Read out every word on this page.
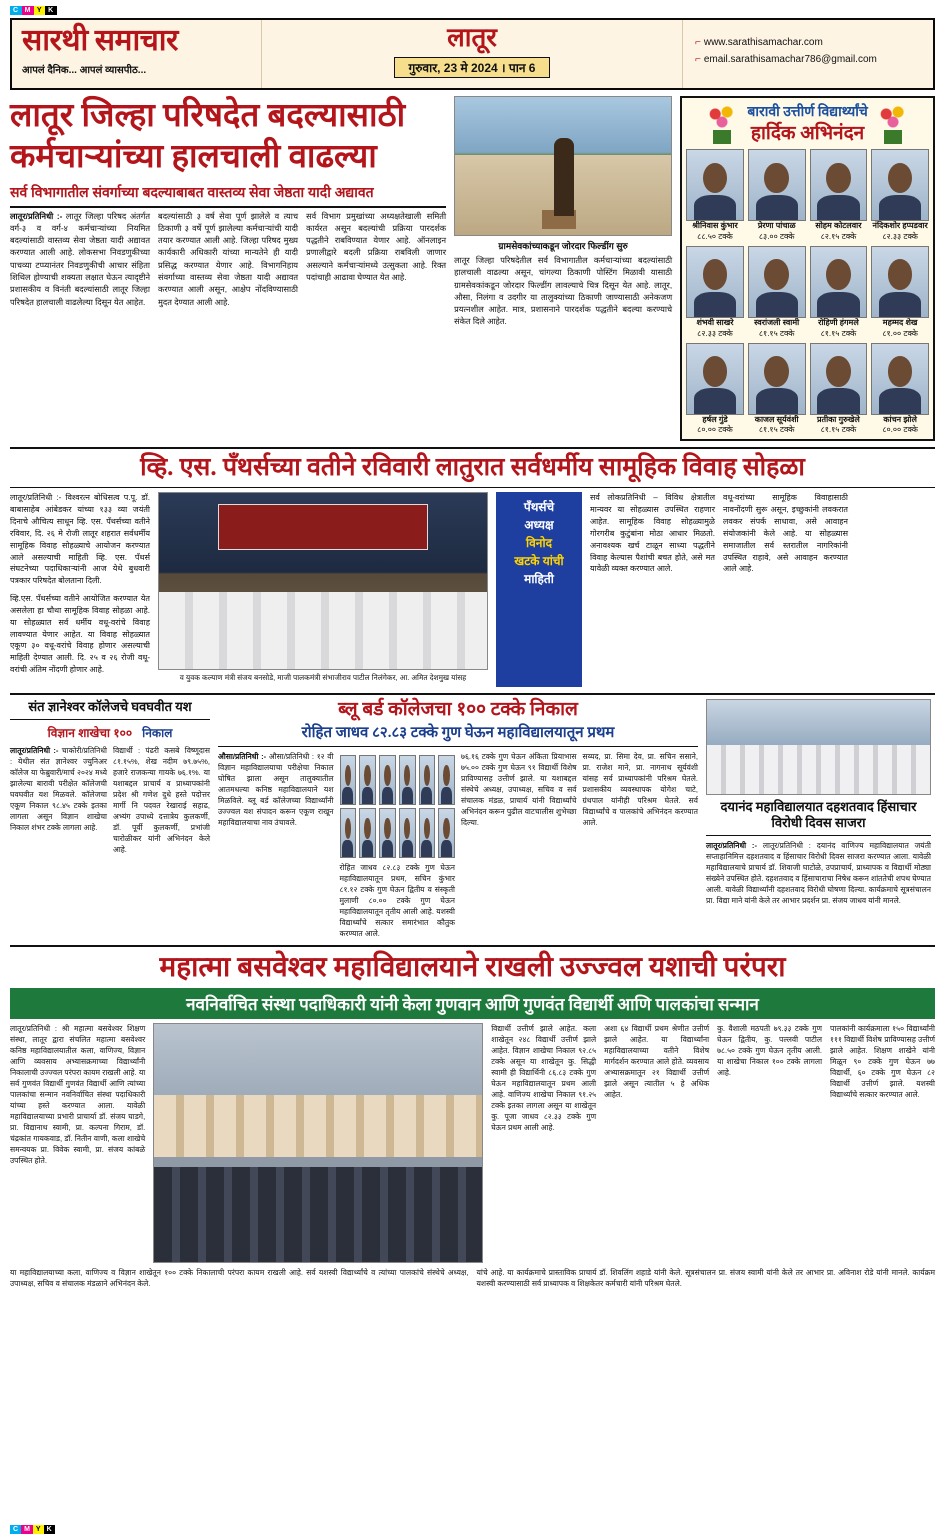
C M Y K
सारथी समाचार
आपलं दैनिक... आपलं व्यासपीठ...
लातूर
गुरुवार, 23 मे 2024 । पान 6
⌐ www.sarathisamachar.com
⌐ email.sarathisamachar786@gmail.com
लातूर जिल्हा परिषदेत बदल्यासाठी कर्मचाऱ्यांच्या हालचाली वाढल्या
सर्व विभागातील संवर्गाच्या बदल्याबाबत वास्तव्य सेवा जेष्ठता यादी अद्यावत
लातूर/प्रतिनिधी :- लातूर जिल्हा परिषद अंतर्गत वर्ग-३ व वर्ग-४ कर्मचाऱ्यांच्या नियमित बदल्यांसाठी वास्तव्य सेवा जेष्ठता यादी अद्यावत करण्यात आली आहे. लोकसभा निवडणुकीच्या पाचव्या टप्प्यानंतर निवडणुकीची आचार संहिता शिथिल होण्याची शक्यता लक्षात घेऊन त्यादृष्टीने प्रशासकीय व विनंती बदल्यांसाठी लातूर जिल्हा परिषदेत हालचाली वाढलेल्या दिसून येत आहेत.
बदल्यांसाठी ३ वर्ष सेवा पूर्ण झालेले व त्याच ठिकाणी ३ वर्षे पूर्ण झालेल्या कर्मचाऱ्यांची यादी तयार करण्यात आली आहे. जिल्हा परिषद मुख्य कार्यकारी अधिकारी यांच्या मान्यतेने ही यादी प्रसिद्ध करण्यात येणार आहे. विभागनिहाय संवर्गाच्या वास्तव्य सेवा जेष्ठता यादी अद्यावत करण्यात आली असून, आक्षेप नोंदविण्यासाठी मुदत देण्यात आली आहे.
सर्व विभाग प्रमुखांच्या अध्यक्षतेखाली समिती कार्यरत असून बदल्यांची प्रक्रिया पारदर्शक पद्धतीने राबविण्यात येणार आहे. ऑनलाइन प्रणालीद्वारे बदली प्रक्रिया राबविली जाणार असल्याने कर्मचाऱ्यांमध्ये उत्सुकता आहे. रिक्त पदांचाही आढावा घेण्यात येत आहे.
ग्रामसेवकांच्याकडून जोरदार फिल्डींग सुरु
लातूर जिल्हा परिषदेतील सर्व विभागातील कर्मचाऱ्यांच्या बदल्यांसाठी हालचाली वाढल्या असून, चांगल्या ठिकाणी पोस्टिंग मिळावी यासाठी ग्रामसेवकांकडून जोरदार फिल्डींग लावल्याचे चित्र दिसून येत आहे. लातूर, औसा, निलंगा व उदगीर या तालुक्यांच्या ठिकाणी जाण्यासाठी अनेकजण प्रयत्नशील आहेत. मात्र, प्रशासनाने पारदर्शक पद्धतीने बदल्या करण्याचे संकेत दिले आहेत.
बारावी उत्तीर्ण विद्यार्थ्यांचे
हार्दिक अभिनंदन
श्रीनिवास कुंभार
८८.५० टक्के
प्रेरणा पांचाळ
८३.०० टक्के
सोहम कोटलवार
८२.१५ टक्के
नंदिकशोर हप्पडवार
८२.३३ टक्के
शंभवी साखरे
८२.३३ टक्के
स्वरांजली स्वामी
८१.१५ टक्के
रोहिणी हंगमले
८१.१५ टक्के
महम्मद शेख
८१.०० टक्के
हर्षल गुंडे
८०.०० टक्के
काजल सूर्यवंशी
८१.१५ टक्के
प्रतीका गुरुखेले
८१.१५ टक्के
कांचन झोले
८०.०० टक्के
व्हि. एस. पँथर्सच्या वतीने रविवारी लातुरात सर्वधर्मीय सामूहिक विवाह सोहळा
लातूर/प्रतिनिधी :- विश्वरत्न बोधिसत्व प.पू. डॉ. बाबासाहेब आंबेडकर यांच्या १३३ व्या जयंती दिनाचे औचित्य साधून व्हि. एस. पँथर्सच्या वतीने रविवार, दि. २६ मे रोजी लातूर शहरात सर्वधर्मीय सामूहिक विवाह सोहळ्याचे आयोजन करण्यात आले असल्याची माहिती व्हि. एस. पँथर्स संघटनेच्या पदाधिकाऱ्यांनी आज येथे बुधवारी पत्रकार परिषदेत बोलताना दिली.
व्हि.एस. पँथर्सच्या वतीने आयोजित करण्यात येत असलेला हा चौथा सामूहिक विवाह सोहळा आहे. या सोहळ्यात सर्व धर्मीय वधू-वरांचे विवाह लावण्यात येणार आहेत. या विवाह सोहळ्यात एकूण ३० वधू-वरांचे विवाह होणार असल्याची माहिती देण्यात आली. दि. २५ व २६ रोजी वधू-वरांची अंतिम नोंदणी होणार आहे.
व युवक कल्याण मंत्री संजय बनसोडे, माजी पालकमंत्री संभाजीराव पाटील निलंगेकर, आ. अमित देशमुख यांसह
पँथर्सचे
अध्यक्ष
विनोद
खटके यांची
माहिती
सर्व लोकप्रतिनिधी – विविध क्षेत्रातील मान्यवर या सोहळ्यास उपस्थित राहणार आहेत. सामूहिक विवाह सोहळ्यामुळे गोरगरीब कुटुंबांना मोठा आधार मिळतो. अनावश्यक खर्च टाळून साध्या पद्धतीने विवाह केल्यास पैशांची बचत होते, असे मत यावेळी व्यक्त करण्यात आले.
वधू-वरांच्या सामूहिक विवाहासाठी नावनोंदणी सुरू असून, इच्छुकांनी लवकरात लवकर संपर्क साधावा, असे आवाहन संयोजकांनी केले आहे. या सोहळ्यास समाजातील सर्व स्तरातील नागरिकांनी उपस्थित राहावे, असे आवाहन करण्यात आले आहे.
संत ज्ञानेश्वर कॉलेजचे घवघवीत यश
विज्ञान शाखेचा १०० निकाल
लातूर/प्रतिनिधी :- चाकोरी/प्रतिनिधी : येथील संत ज्ञानेश्वर ज्युनिअर कॉलेज या फेब्रुवारी/मार्च २०२४ मध्ये झालेल्या बारावी परीक्षेत कॉलेजची घवघवीत यश मिळवले. कॉलेजचा एकूण निकाल ९८.४५ टक्के इतका लागला असून विज्ञान शाखेचा निकाल शंभर टक्के लागला आहे.
विद्यार्थी : पंढरी कसबे विष्णूदास ८१.१५%, शेख नदीम ७९.७५%, हजारे राजकन्या गायके ७६.१%. या यशाबद्दल प्राचार्य व प्राध्यापकांनी प्रदेश श्री गणेश दुधे हस्ते पदोत्तर मार्गी नि पदवत रेखाराई सहाढ, अभ्यंग उपाध्ये दत्तात्रेय कुलकर्णी, डॉ. पूर्वी कुलकर्णी, प्रभांजी चारोळीकर यांनी अभिनंदन केले आहे.
ब्लू बर्ड कॉलेजचा १०० टक्के निकाल
रोहित जाधव ८२.८३ टक्के गुण घेऊन महाविद्यालयातून प्रथम
औसा/प्रतिनिधी :- औसा/प्रतिनिधी : १२ वी विज्ञान महाविद्यालयाचा परीक्षेचा निकाल घोषित झाला असून तालुक्यातील आतमधल्या कनिष्ठ महाविद्यालयाने यश मिळविले. ब्लू बर्ड कॉलेजच्या विद्यार्थ्यांनी उज्ज्वल यश संपादन करून एकूण राखून महाविद्यालयाचा नाव उंचावले.
रोहित जाधव ८२.८३ टक्के गुण घेऊन महाविद्यालयातून प्रथम, सचिन कुंभार ८१.१२ टक्के गुण घेऊन द्वितीय व संस्कृती मुलाणी ८०.०० टक्के गुण घेऊन महाविद्यालयातून तृतीय आली आहे. यशस्वी विद्यार्थ्यांचे सत्कार समारंभात कौतुक करण्यात आले.
७६.१६ टक्के गुण घेऊन अंकिता प्रियाभास ७५.०० टक्के गुण घेऊन ९१ विद्यार्थी विशेष प्राविण्यासह उत्तीर्ण झाले. या यशाबद्दल संस्थेचे अध्यक्ष, उपाध्यक्ष, सचिव व सर्व संचालक मंडळ, प्राचार्य यांनी विद्यार्थ्यांचे अभिनंदन करून पुढील वाटचालीस शुभेच्छा दिल्या.
सय्यद, प्रा. सिमा देव, प्रा. सचिन ससाने, प्रा. राजेश माने, प्रा. नागनाथ सूर्यवंशी यांसह सर्व प्राध्यापकांनी परिश्रम घेतले. प्रशासकीय व्यवस्थापक योगेश चाटे, ग्रंथपाल यांनीही परिश्रम घेतले. सर्व विद्यार्थ्यांचे व पालकांचे अभिनंदन करण्यात आले.
दयानंद महाविद्यालयात दहशतवाद हिंसाचार विरोधी दिवस साजरा
लातूर/प्रतिनिधी :- लातूर/प्रतिनिधी : दयानंद वाणिज्य महाविद्यालयात जयंती सप्ताहानिमित्त दहशतवाद व हिंसाचार विरोधी दिवस साजरा करण्यात आला. यावेळी महाविद्यालयाचे प्राचार्य डॉ. शिवाजी घाटोळे, उपप्राचार्य, प्राध्यापक व विद्यार्थी मोठ्या संख्येने उपस्थित होते. दहशतवाद व हिंसाचाराचा निषेध करून शांततेची शपथ घेण्यात आली. यावेळी विद्यार्थ्यांनी दहशतवाद विरोधी घोषणा दिल्या. कार्यक्रमाचे सूत्रसंचालन प्रा. विद्या माने यांनी केले तर आभार प्रदर्शन प्रा. संजय जाधव यांनी मानले.
महात्मा बसवेश्वर महाविद्यालयाने राखली उज्ज्वल यशाची परंपरा
नवनिर्वाचित संस्था पदाधिकारी यांनी केला गुणवान आणि गुणवंत विद्यार्थी आणि पालकांचा सन्मान
लातूर/प्रतिनिधी : श्री महात्मा बसवेश्वर शिक्षण संस्था, लातूर द्वारा संचलित महात्मा बसवेश्वर कनिष्ठ महाविद्यालयातील कला, वाणिज्य, विज्ञान आणि व्यवसाय अभ्यासक्रमाच्या विद्यार्थ्यांनी निकालाची उज्ज्वल परंपरा कायम राखली आहे. या सर्व गुणवंत विद्यार्थी गुणवंत विद्यार्थी आणि त्यांच्या पालकांचा सन्मान नवनिर्वाचित संस्था पदाधिकारी यांच्या हस्ते करण्यात आला. यावेळी महाविद्यालयाच्या प्रभारी प्राचार्या डॉ. संजय घाडगे, प्रा. विद्यानाथ स्वामी, प्रा. कल्पना गिराम, डॉ. चंद्रकांत गायकवाड, डॉ. नितीन वाणी, कला शाखेचे समन्वयक प्रा. विवेक स्वामी, प्रा. संजय कांबळे उपस्थित होते.
विद्यार्थी उत्तीर्ण झाले आहेत. कला शाखेतून २४८ विद्यार्थी उत्तीर्ण झाले आहेत. विज्ञान शाखेचा निकाल ९२.८५ टक्के असून या शाखेतून कु. सिद्धी स्वामी ही विद्यार्थिनी ८६.८३ टक्के गुण घेऊन महाविद्यालयातून प्रथम आली आहे. वाणिज्य शाखेचा निकाल ९१.२५ टक्के इतका लागला असून या शाखेतून कु. पूजा जाधव ८२.३३ टक्के गुण घेऊन प्रथम आली आहे.
अशा ६४ विद्यार्थी प्रथम श्रेणीत उत्तीर्ण झाले आहेत. या विद्यार्थ्यांना महाविद्यालयाच्या वतीने विशेष मार्गदर्शन करण्यात आले होते. व्यवसाय अभ्यासक्रमातून २१ विद्यार्थी उत्तीर्ण झाले असून त्यातील ५ हे अधिक आहेत.
कु. वैशाली मठपती ७९.३३ टक्के गुण घेऊन द्वितीय, कु. पल्लवी पाटील ७८.५० टक्के गुण घेऊन तृतीय आली. या शाखेचा निकाल १०० टक्के लागला आहे.
पालकांनी कार्यक्रमाला १५० विद्यार्थ्यांनी १११ विद्यार्थी विशेष प्राविण्यासह उत्तीर्ण झाले आहेत. शिक्षण शाखेने यांनी मिळून ९० टक्के गुण घेऊन ७७ विद्यार्थी, ६० टक्के गुण घेऊन ८२ विद्यार्थी उत्तीर्ण झाले. यशस्वी विद्यार्थ्यांचे सत्कार करण्यात आले.
या महाविद्यालयाच्या कला, वाणिज्य व विज्ञान शाखेतून १०० टक्के निकालाची परंपरा कायम राखली आहे. सर्व यशस्वी विद्यार्थ्यांचे व त्यांच्या पालकांचे संस्थेचे अध्यक्ष, उपाध्यक्ष, सचिव व संचालक मंडळाने अभिनंदन केले.
यांचे आहे. या कार्यक्रमाचे प्रास्ताविक प्राचार्य डॉ. शिवलिंग शहाडे यांनी केले. सूत्रसंचालन प्रा. संजय स्वामी यांनी केले तर आभार प्रा. अविनाश रोडे यांनी मानले. कार्यक्रम यशस्वी करण्यासाठी सर्व प्राध्यापक व शिक्षकेतर कर्मचारी यांनी परिश्रम घेतले.
C M Y K
